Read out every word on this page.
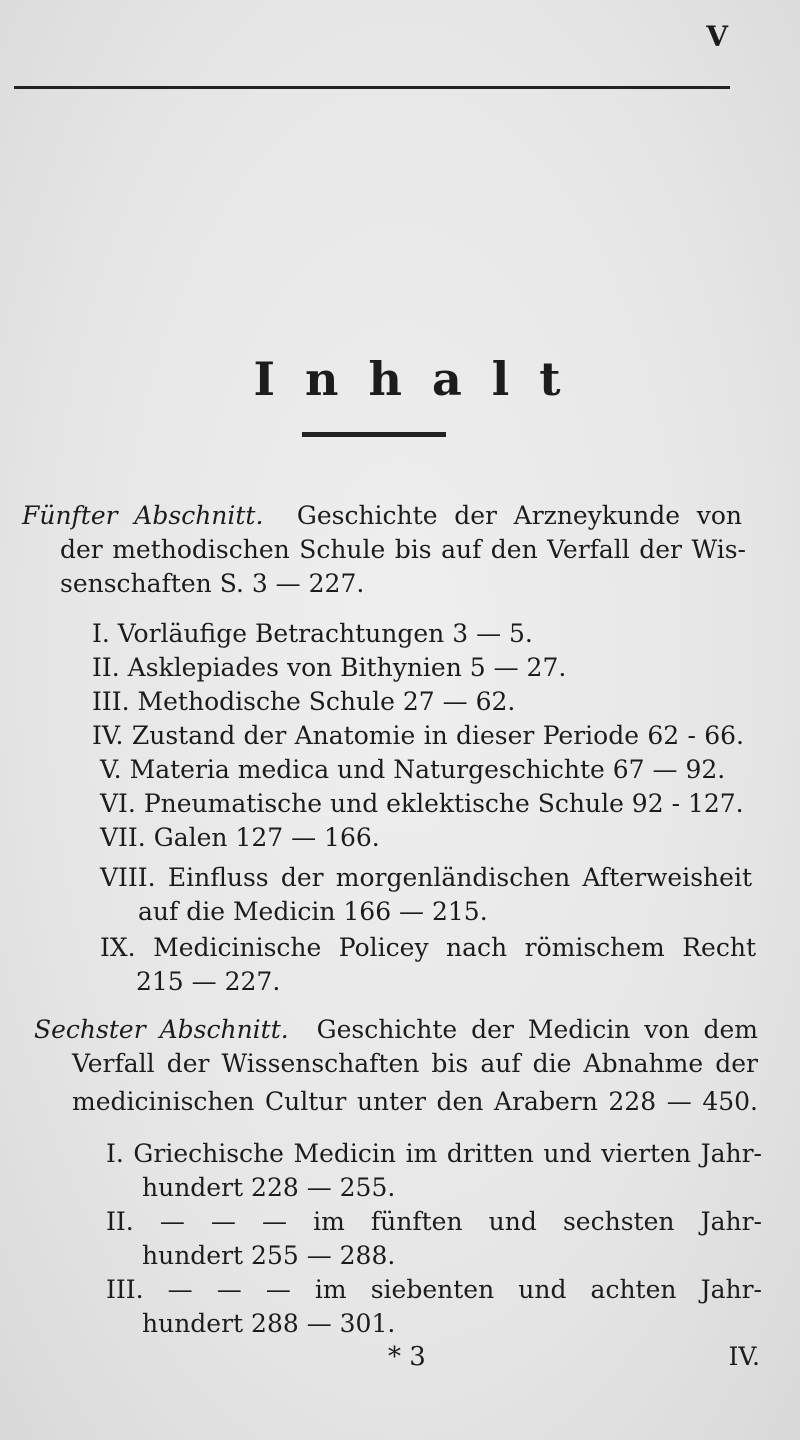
V
Inhalt
Fünfter Abschnitt. Geschichte der Arzneykunde von
der methodischen Schule bis auf den Verfall der Wis-
senschaften S. 3 — 227.
I. Vorläufige Betrachtungen 3 — 5.
II. Asklepiades von Bithynien 5 — 27.
III. Methodische Schule 27 — 62.
IV. Zustand der Anatomie in dieser Periode 62 - 66.
V. Materia medica und Naturgeschichte 67 — 92.
VI. Pneumatische und eklektische Schule 92 - 127.
VII. Galen 127 — 166.
VIII. Einfluss der morgenländischen Afterweisheit
auf die Medicin 166 — 215.
IX. Medicinische Policey nach römischem Recht
215 — 227.
Sechster Abschnitt. Geschichte der Medicin von dem
Verfall der Wissenschaften bis auf die Abnahme der
medicinischen Cultur unter den Arabern 228 — 450.
I. Griechische Medicin im dritten und vierten Jahr-
hundert 228 — 255.
II. — — — im fünften und sechsten Jahr-
hundert 255 — 288.
III. — — — im siebenten und achten Jahr-
hundert 288 — 301.
* 3	IV.
